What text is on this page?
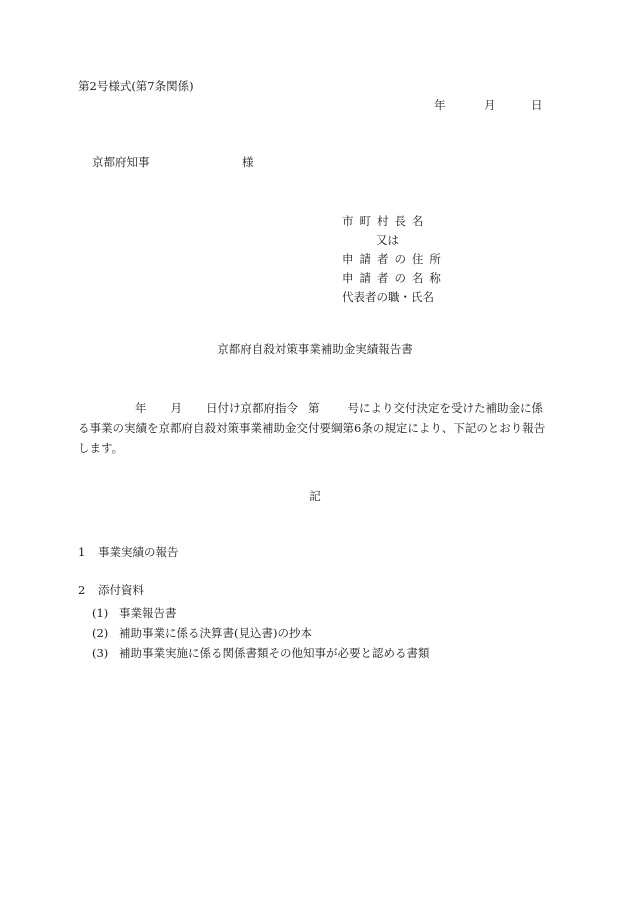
第2号様式(第7条関係)
年	月	日
京都府知事	様
市町村長名
又は
申請者の住所
申請者の名称
代表者の職・氏名
京都府自殺対策事業補助金実績報告書
年 月 日付け京都府指令 第 号により交付決定を受けた補助金に係
る事業の実績を京都府自殺対策事業補助金交付要綱第6条の規定により、下記のとおり報告
します。
記
1 事業実績の報告
2 添付資料
(1) 事業報告書
(2) 補助事業に係る決算書(見込書)の抄本
(3) 補助事業実施に係る関係書類その他知事が必要と認める書類
